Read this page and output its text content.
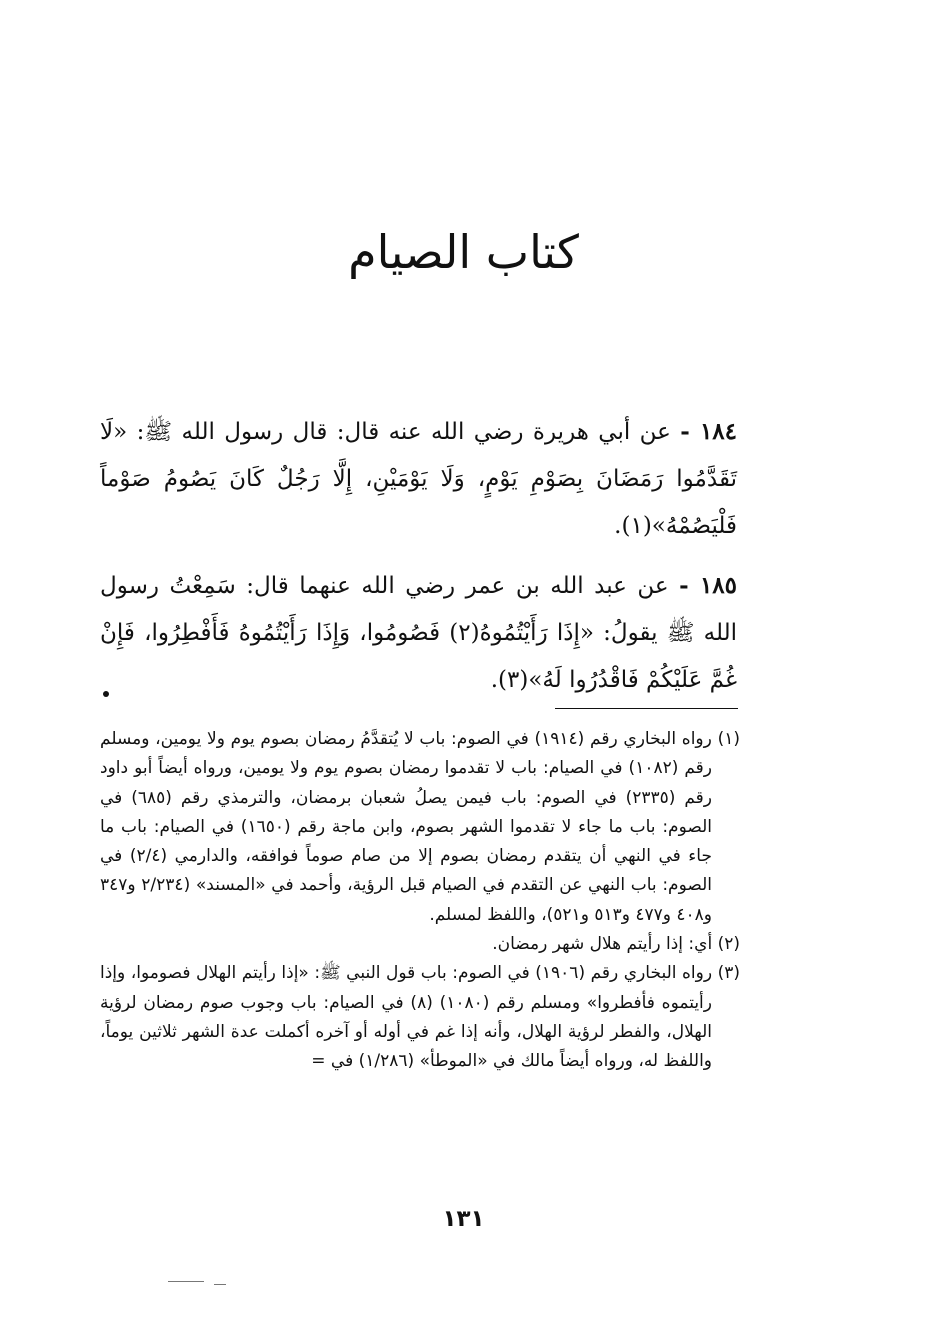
كتاب الصيام

١٨٤ - عن أبي هريرة رضي الله عنه قال: قال رسول الله ﷺ: «لَا تَقَدَّمُوا رَمَضَانَ بِصَوْمِ يَوْمٍ، وَلَا يَوْمَيْنِ، إِلَّا رَجُلٌ كَانَ يَصُومُ صَوْماً فَلْيَصُمْهُ»(١).

١٨٥ - عن عبد الله بن عمر رضي الله عنهما قال: سَمِعْتُ رسول الله ﷺ يقولُ: «إِذَا رَأَيْتُمُوهُ(٢) فَصُومُوا، وَإِذَا رَأَيْتُمُوهُ فَأَفْطِرُوا، فَإِنْ غُمَّ عَلَيْكُمْ فَاقْدُرُوا لَهُ»(٣).

(١) رواه البخاري رقم (١٩١٤) في الصوم: باب لا يُتقدَّمُ رمضان بصوم يوم ولا يومين، ومسلم رقم (١٠٨٢) في الصيام: باب لا تقدموا رمضان بصوم يوم ولا يومين، ورواه أيضاً أبو داود رقم (٢٣٣٥) في الصوم: باب فيمن يصلُ شعبان برمضان، والترمذي رقم (٦٨٥) في الصوم: باب ما جاء لا تقدموا الشهر بصوم، وابن ماجة رقم (١٦٥٠) في الصيام: باب ما جاء في النهي أن يتقدم رمضان بصوم إلا من صام صوماً فوافقه، والدارمي (٢/٤) في الصوم: باب النهي عن التقدم في الصيام قبل الرؤية، وأحمد في «المسند» (٢/٢٣٤ و٣٤٧ و٤٠٨ و٤٧٧ و٥١٣ و٥٢١)، واللفظ لمسلم.

(٢) أي: إذا رأيتم هلال شهر رمضان.

(٣) رواه البخاري رقم (١٩٠٦) في الصوم: باب قول النبي ﷺ: «إذا رأيتم الهلال فصوموا، وإذا رأيتموه فأفطروا» ومسلم رقم (١٠٨٠) (٨) في الصيام: باب وجوب صوم رمضان لرؤية الهلال، والفطر لرؤية الهلال، وأنه إذا غم في أوله أو آخره أكملت عدة الشهر ثلاثين يوماً، واللفظ له، ورواه أيضاً مالك في «الموطأ» (١/٢٨٦) في =

١٣١
